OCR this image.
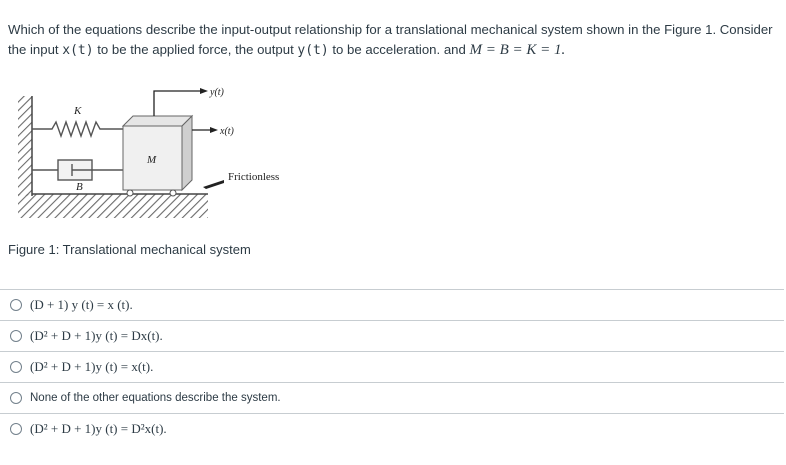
Which of the equations describe the input-output relationship for a translational mechanical system shown in the Figure 1. Consider the input x(t) to be the applied force, the output y(t) to be acceleration. and M = B = K = 1.
K
B
M
y(t)
x(t)
Frictionless
Figure 1: Translational mechanical system
(D + 1) y (t) = x (t).
(D² + D + 1)y (t) = Dx(t).
(D² + D + 1)y (t) = x(t).
None of the other equations describe the system.
(D² + D + 1)y (t) = D²x(t).
